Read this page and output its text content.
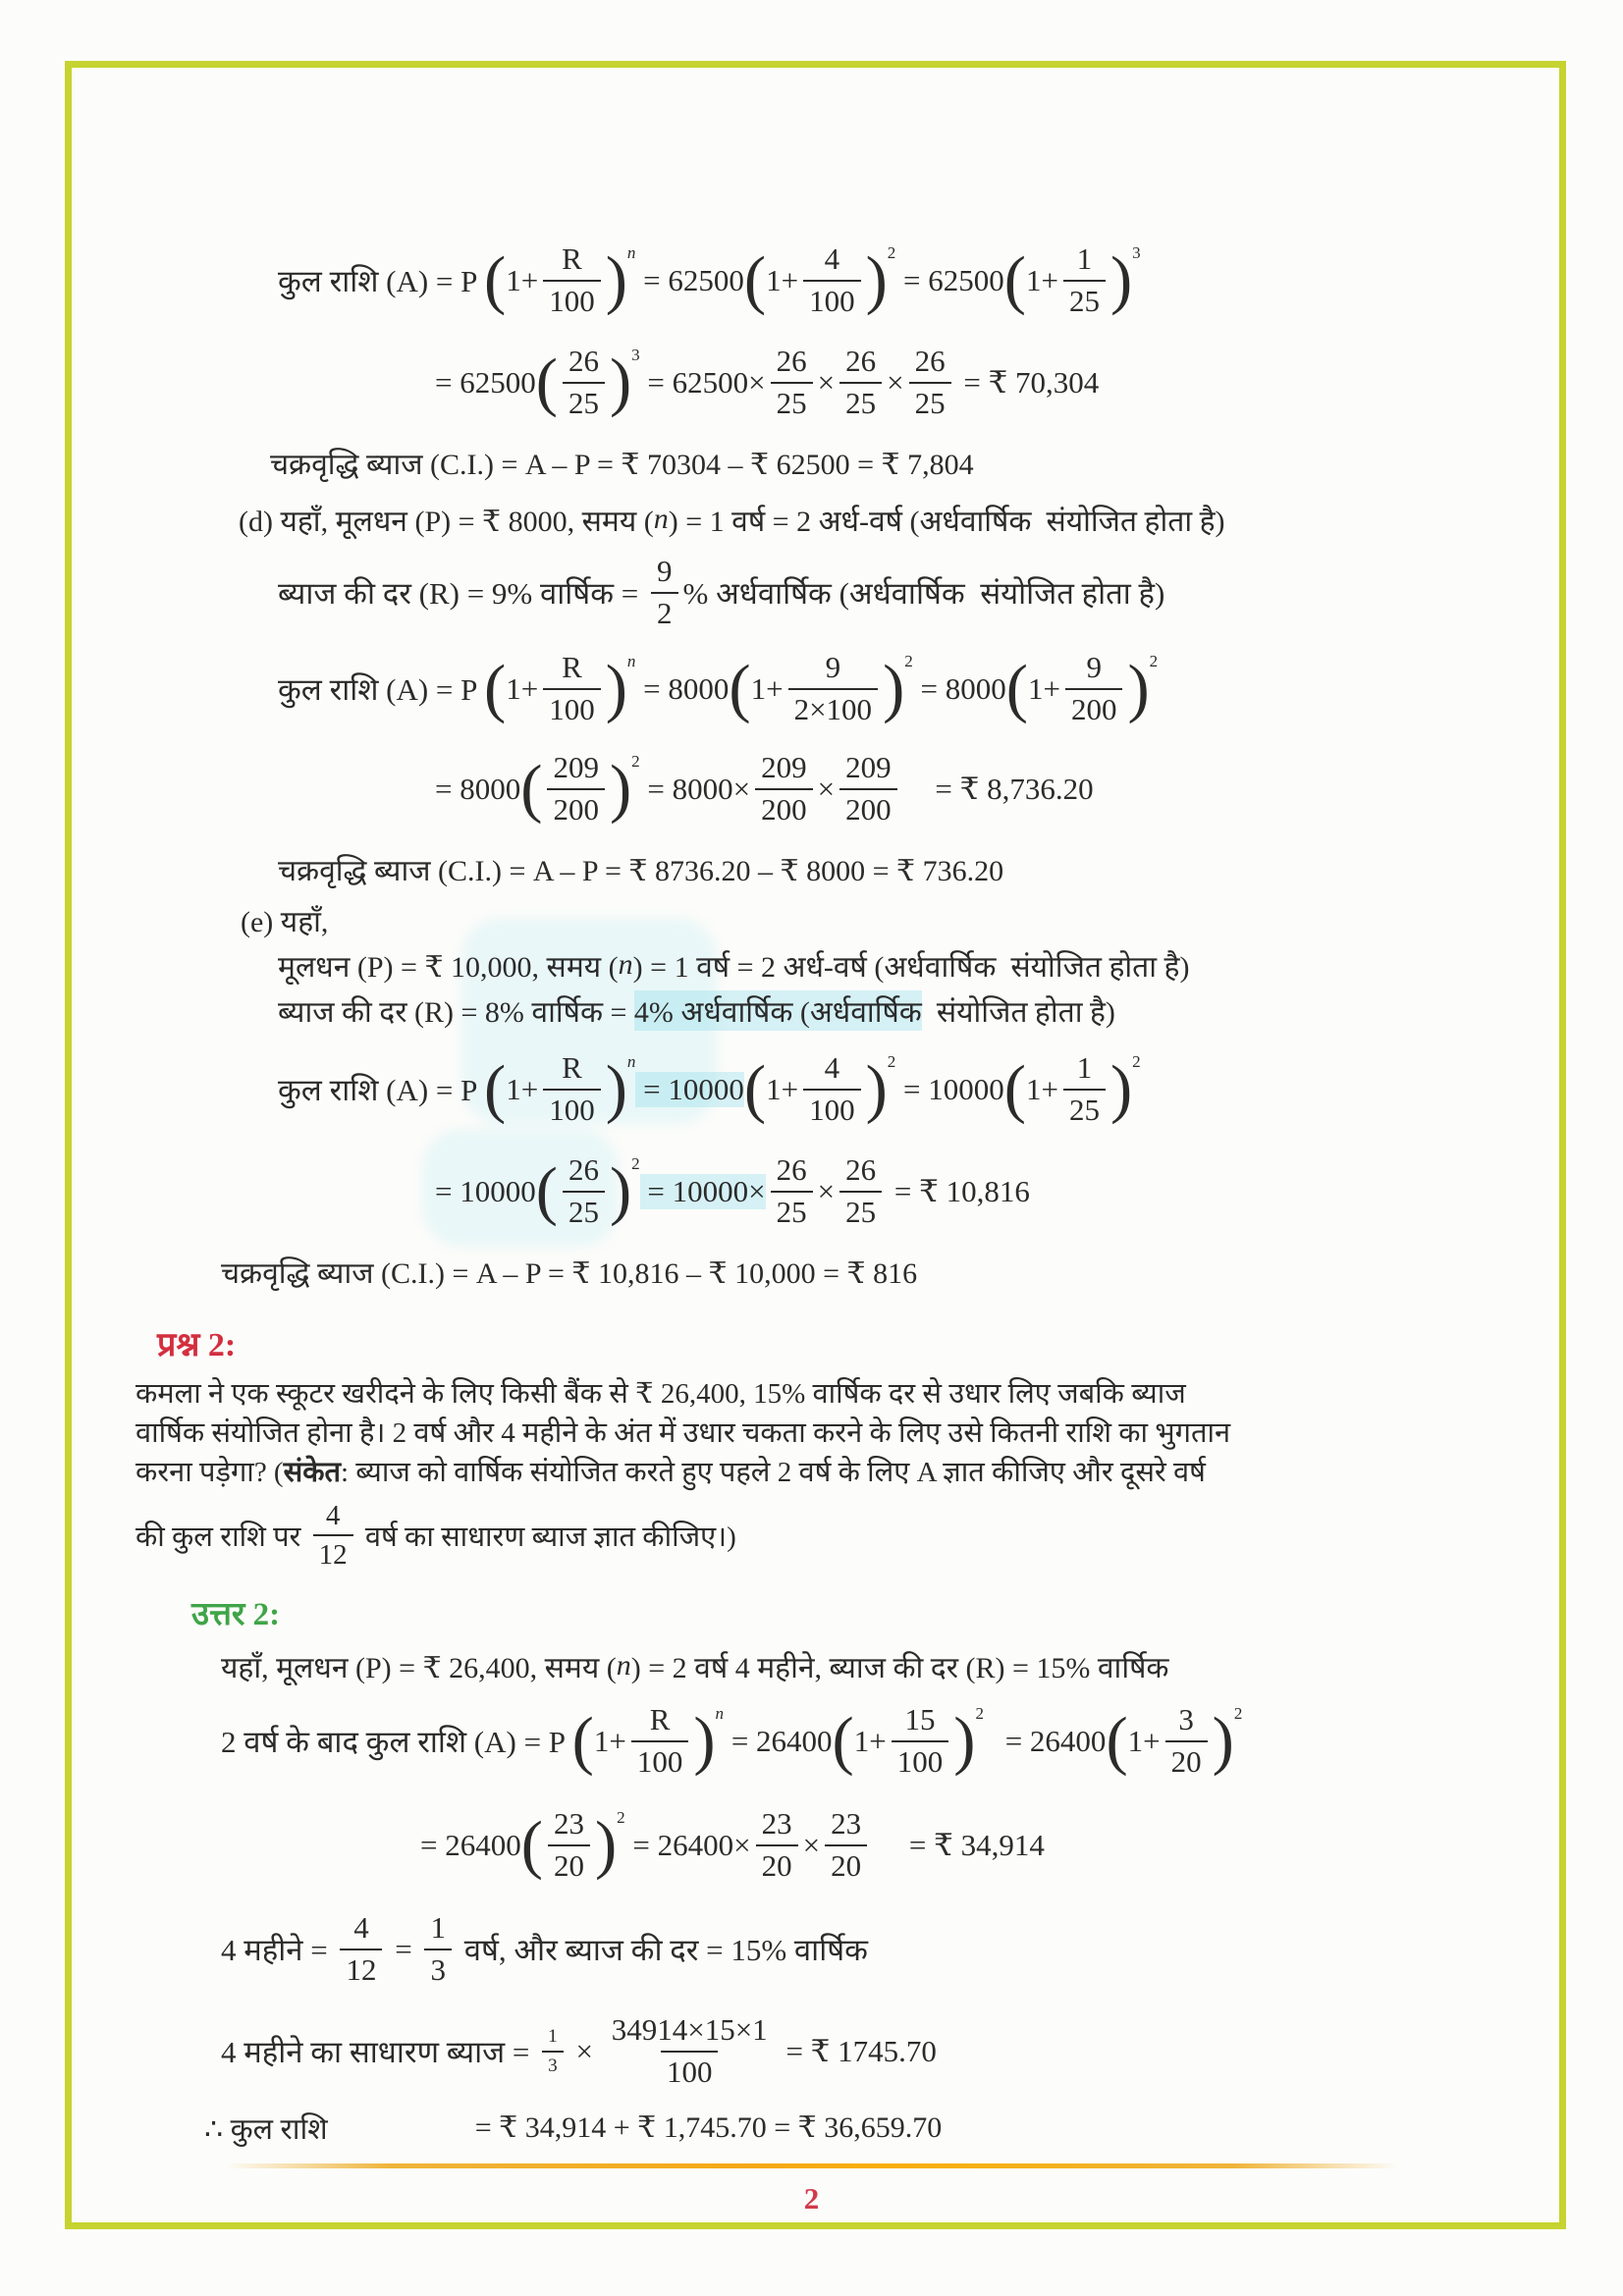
कुल राशि (A) = P ( $1+ \frac{R}{100}$ ) n
= 62500 ( $1+ \frac{4}{100}$ ) 2
= 62500 ( $1+ \frac{1}{25}$ ) 3
= 62500 ( $\frac{26}{25}$ ) 3
= $62500\times \frac{26}{25} \times \frac{26}{25} \times \frac{26}{25}$ = ₹ 70,304
चक्रवृद्धि ब्याज (C.I.) = A – P = ₹ 70304 – ₹ 62500 = ₹ 7,804
(d) यहाँ, मूलधन (P) = ₹ 8000, समय ( n ) = 1 वर्ष = 2 अर्ध-वर्ष (अर्धवार्षिक  संयोजित होता है)
ब्याज की दर (R) = 9% वार्षिक = $\frac{9}{2}$ % अर्धवार्षिक (अर्धवार्षिक  संयोजित होता है)
कुल राशि (A) = P ( $1+ \frac{R}{100}$ ) n
= 8000 ( $1+ \frac{9}{2\times 100}$ ) 2
= 8000 ( $1+ \frac{9}{200}$ ) 2
= 8000 ( $\frac{209}{200}$ ) 2
= $8000\times \frac{209}{200} \times \frac{209}{200}$ = ₹ 8,736.20
चक्रवृद्धि ब्याज (C.I.) = A – P = ₹ 8736.20 – ₹ 8000 = ₹ 736.20
(e) यहाँ,
मूलधन (P) = ₹ 10,000, समय ( n ) = 1 वर्ष = 2 अर्ध-वर्ष (अर्धवार्षिक  संयोजित होता है)
ब्याज की दर (R) = 8% वार्षिक = 4% अर्धवार्षिक (अर्धवार्षिक संयोजित होता है)
कुल राशि (A) = P ( $1+ \frac{R}{100}$ ) n
= 10000 ( $1+ \frac{4}{100}$ ) 2
= 10000 ( $1+ \frac{1}{25}$ ) 2
= 10000 ( $\frac{26}{25}$ ) 2
= $10000\times \frac{26}{25} \times \frac{26}{25}$ = ₹ 10,816
चक्रवृद्धि ब्याज (C.I.) = A – P = ₹ 10,816 – ₹ 10,000 = ₹ 816
प्रश्न 2:
कमला ने एक स्कूटर खरीदने के लिए किसी बैंक से ₹ 26,400, 15% वार्षिक दर से उधार लिए जबकि ब्याज
वार्षिक संयोजित होना है। 2 वर्ष और 4 महीने के अंत में उधार चकता करने के लिए उसे कितनी राशि का भुगतान
करना पड़ेगा? ( संकेत : ब्याज को वार्षिक संयोजित करते हुए पहले 2 वर्ष के लिए A ज्ञात कीजिए और दूसरे वर्ष
की कुल राशि पर $\frac{4}{12}$ वर्ष का साधारण ब्याज ज्ञात कीजिए।)
उत्तर 2:
यहाँ, मूलधन (P) = ₹ 26,400, समय ( n ) = 2 वर्ष 4 महीने, ब्याज की दर (R) = 15% वार्षिक
2 वर्ष के बाद कुल राशि (A) = P ( $1+ \frac{R}{100}$ ) n
= 26400 ( $1+ \frac{15}{100}$ ) 2
= 26400 ( $1+ \frac{3}{20}$ ) 2
= 26400 ( $\frac{23}{20}$ ) 2
= $26400\times \frac{23}{20} \times \frac{23}{20}$ = ₹ 34,914
4 महीने = $\frac{4}{12} = \frac{1}{3}$ वर्ष, और ब्याज की दर = 15% वार्षिक
4 महीने का साधारण ब्याज = $\frac{1}{3} \times \frac{34914\times 15\times 1}{100}$ = ₹ 1745.70
∴ कुल राशि	= ₹ 34,914 + ₹ 1,745.70 = ₹ 36,659.70
2
